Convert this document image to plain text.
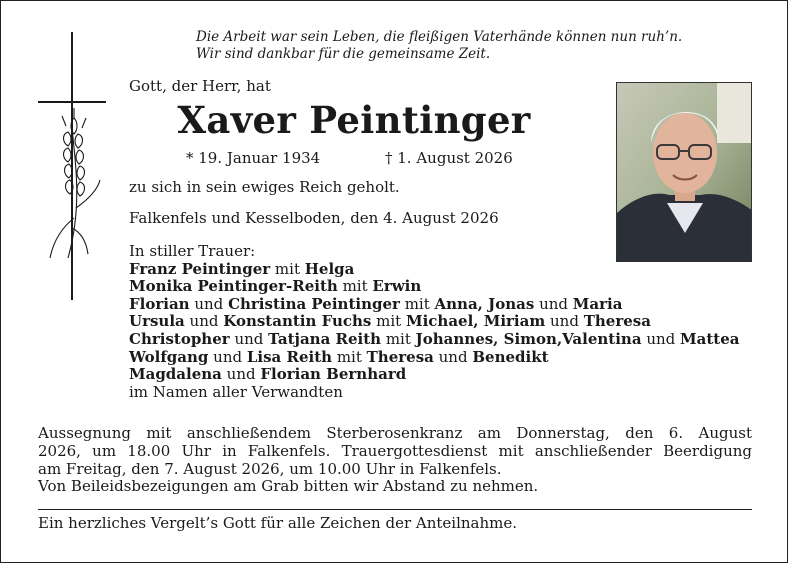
Die Arbeit war sein Leben, die fleißigen Vaterhände können nun ruh’n.
Wir sind dankbar für die gemeinsame Zeit.
Gott, der Herr, hat
Xaver Peintinger
* 19. Januar 1934	† 1. August 2026
zu sich in sein ewiges Reich geholt.
Falkenfels und Kesselboden, den 4. August 2026
In stiller Trauer:
Franz Peintinger mit Helga
Monika Peintinger-Reith mit Erwin
Florian und Christina Peintinger mit Anna, Jonas und Maria
Ursula und Konstantin Fuchs mit Michael, Miriam und Theresa
Christopher und Tatjana Reith mit Johannes, Simon,Valentina und Mattea
Wolfgang und Lisa Reith mit Theresa und Benedikt
Magdalena und Florian Bernhard
im Namen aller Verwandten
Aussegnung mit anschließendem Sterberosenkranz am Donnerstag, den 6. August
2026, um 18.00 Uhr in Falkenfels. Trauergottesdienst mit anschließender Beerdigung
am Freitag, den 7. August 2026, um 10.00 Uhr in Falkenfels.
Von Beileidsbezeigungen am Grab bitten wir Abstand zu nehmen.
Ein herzliches Vergelt’s Gott für alle Zeichen der Anteilnahme.
